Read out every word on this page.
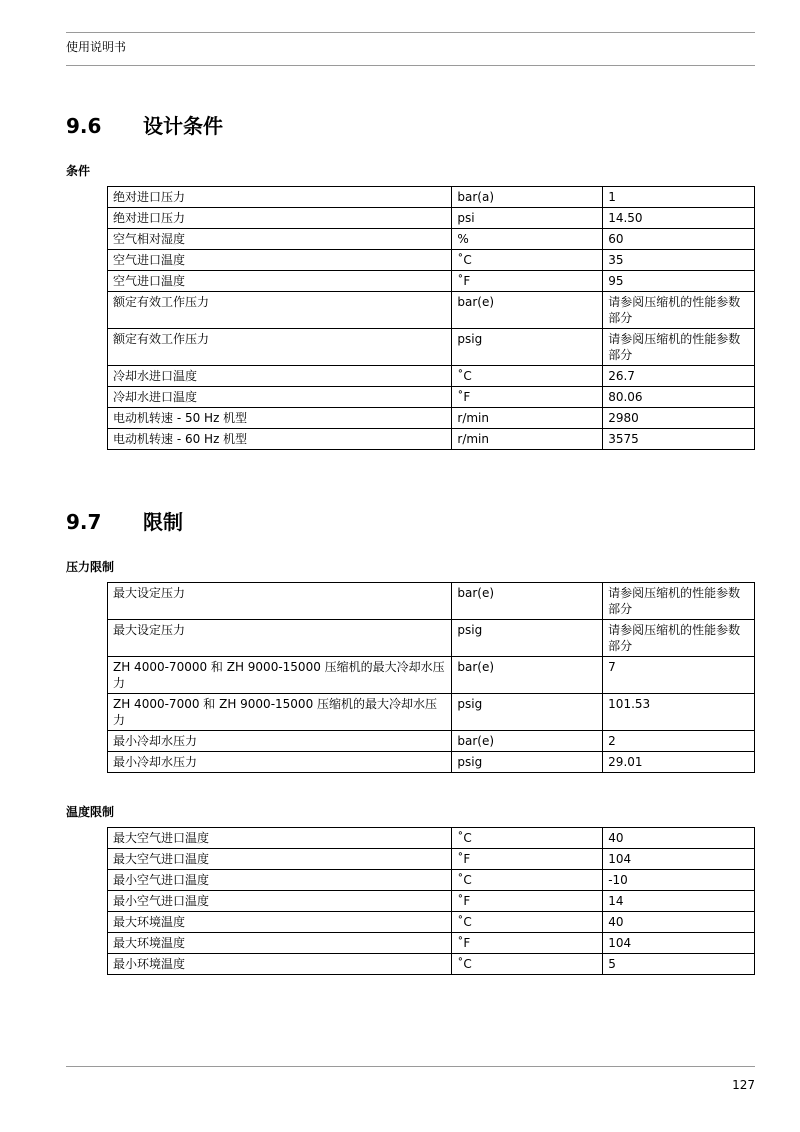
使用说明书
9.6 设计条件
条件
绝对进口压力	bar(a)	1
绝对进口压力	psi	14.50
空气相对湿度	%	60
空气进口温度	˚C	35
空气进口温度	˚F	95
额定有效工作压力	bar(e)	请参阅压缩机的性能参数部分
额定有效工作压力	psig	请参阅压缩机的性能参数部分
冷却水进口温度	˚C	26.7
冷却水进口温度	˚F	80.06
电动机转速 - 50 Hz 机型	r/min	2980
电动机转速 - 60 Hz 机型	r/min	3575
9.7 限制
压力限制
最大设定压力	bar(e)	请参阅压缩机的性能参数部分
最大设定压力	psig	请参阅压缩机的性能参数部分
ZH 4000-70000 和 ZH 9000-15000 压缩机的最大冷却水压力	bar(e)	7
ZH 4000-7000 和 ZH 9000-15000 压缩机的最大冷却水压力	psig	101.53
最小冷却水压力	bar(e)	2
最小冷却水压力	psig	29.01
温度限制
最大空气进口温度	˚C	40
最大空气进口温度	˚F	104
最小空气进口温度	˚C	-10
最小空气进口温度	˚F	14
最大环境温度	˚C	40
最大环境温度	˚F	104
最小环境温度	˚C	5
127
